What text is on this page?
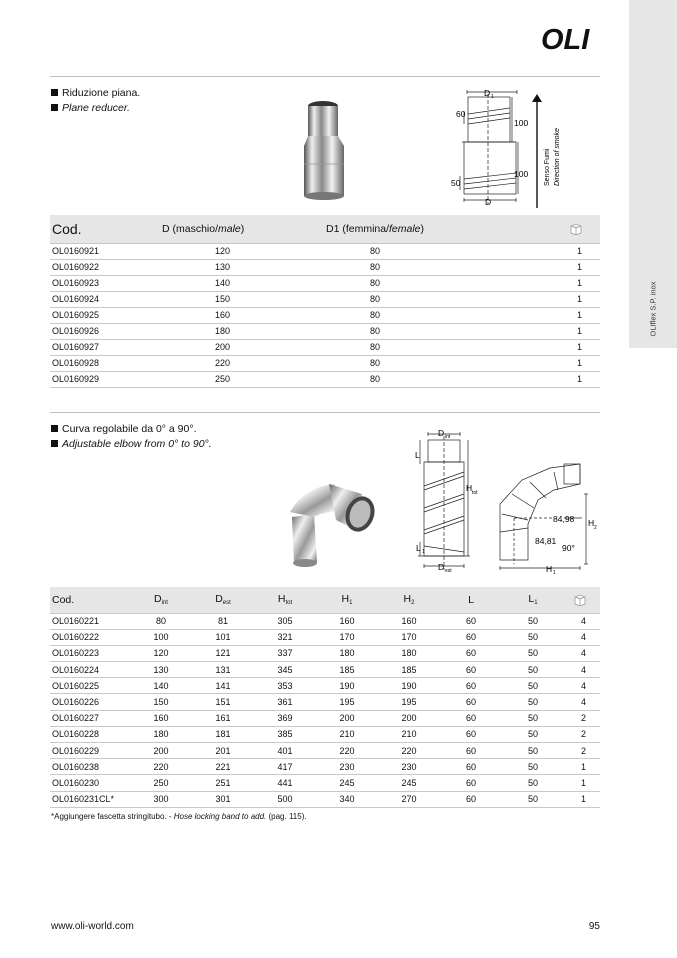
OLIflex S.P. inox
OLI
Riduzione piana.
Plane reducer.
D 1
60
100
100
50
D
Senso Fumi Direction of smoke
Cod.	D (maschio/male)	D1 (femmina/female)	
OL0160921	120	80	1
OL0160922	130	80	1
OL0160923	140	80	1
OL0160924	150	80	1
OL0160925	160	80	1
OL0160926	180	80	1
OL0160927	200	80	1
OL0160928	220	80	1
OL0160929	250	80	1
Curva regolabile da 0° a 90°.
Adjustable elbow from 0° to 90°.
D int
L
H tot
L 1
D est
84,98
84,81
90°
H 2
H 1
Cod.	$D_{int}$	$D_{est}$	$H_{tot}$	$H_1$	$H_2$	L	$L_1$	
OL0160221	80	81	305	160	160	60	50	4
OL0160222	100	101	321	170	170	60	50	4
OL0160223	120	121	337	180	180	60	50	4
OL0160224	130	131	345	185	185	60	50	4
OL0160225	140	141	353	190	190	60	50	4
OL0160226	150	151	361	195	195	60	50	4
OL0160227	160	161	369	200	200	60	50	2
OL0160228	180	181	385	210	210	60	50	2
OL0160229	200	201	401	220	220	60	50	2
OL0160238	220	221	417	230	230	60	50	1
OL0160230	250	251	441	245	245	60	50	1
OL0160231CL*	300	301	500	340	270	60	50	1
*Aggiungere fascetta stringitubo. - Hose locking band to add. (pag. 115).
www.oli-world.com	95
